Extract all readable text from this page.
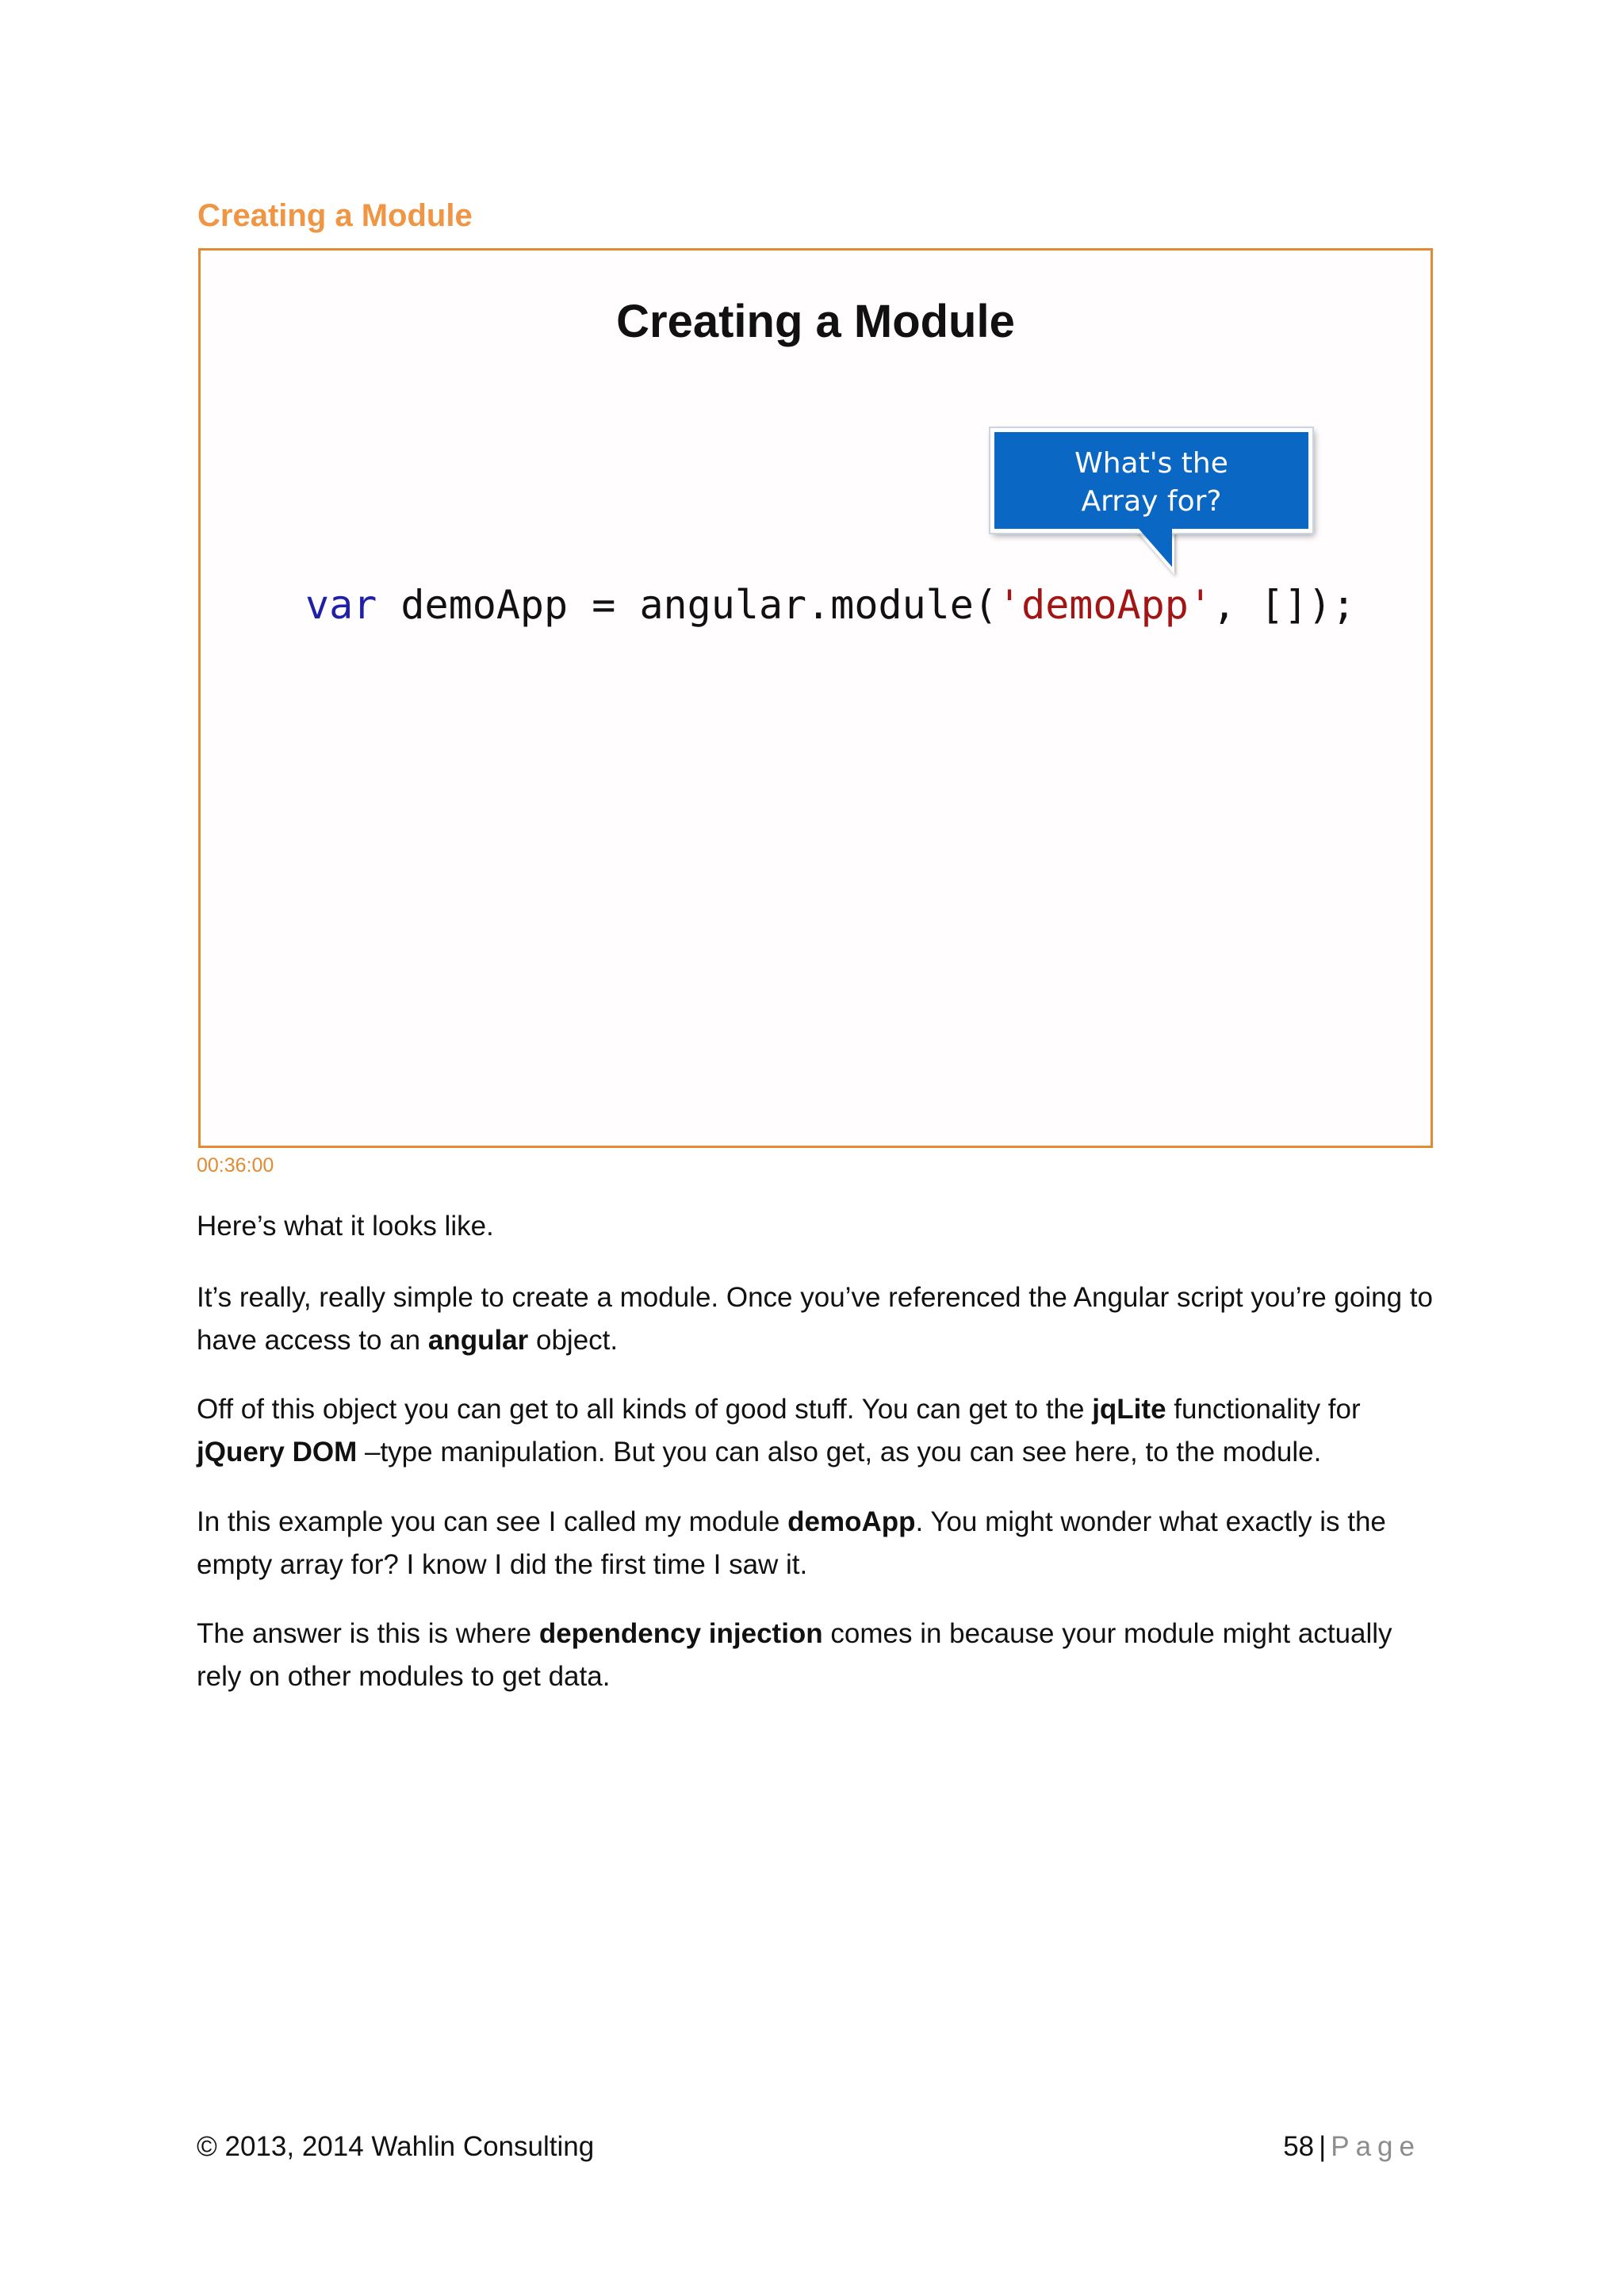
Creating a Module
Creating a Module
What's the
Array for?

var demoApp = angular.module('demoApp', []);

00:36:00

Here’s what it looks like.

It’s really, really simple to create a module. Once you’ve referenced the Angular script you’re going to have access to an angular object.

Off of this object you can get to all kinds of good stuff. You can get to the jqLite functionality for jQuery DOM –type manipulation. But you can also get, as you can see here, to the module.

In this example you can see I called my module demoApp. You might wonder what exactly is the empty array for? I know I did the first time I saw it.

The answer is this is where dependency injection comes in because your module might actually rely on other modules to get data.

© 2013, 2014 Wahlin Consulting	58 | Page
